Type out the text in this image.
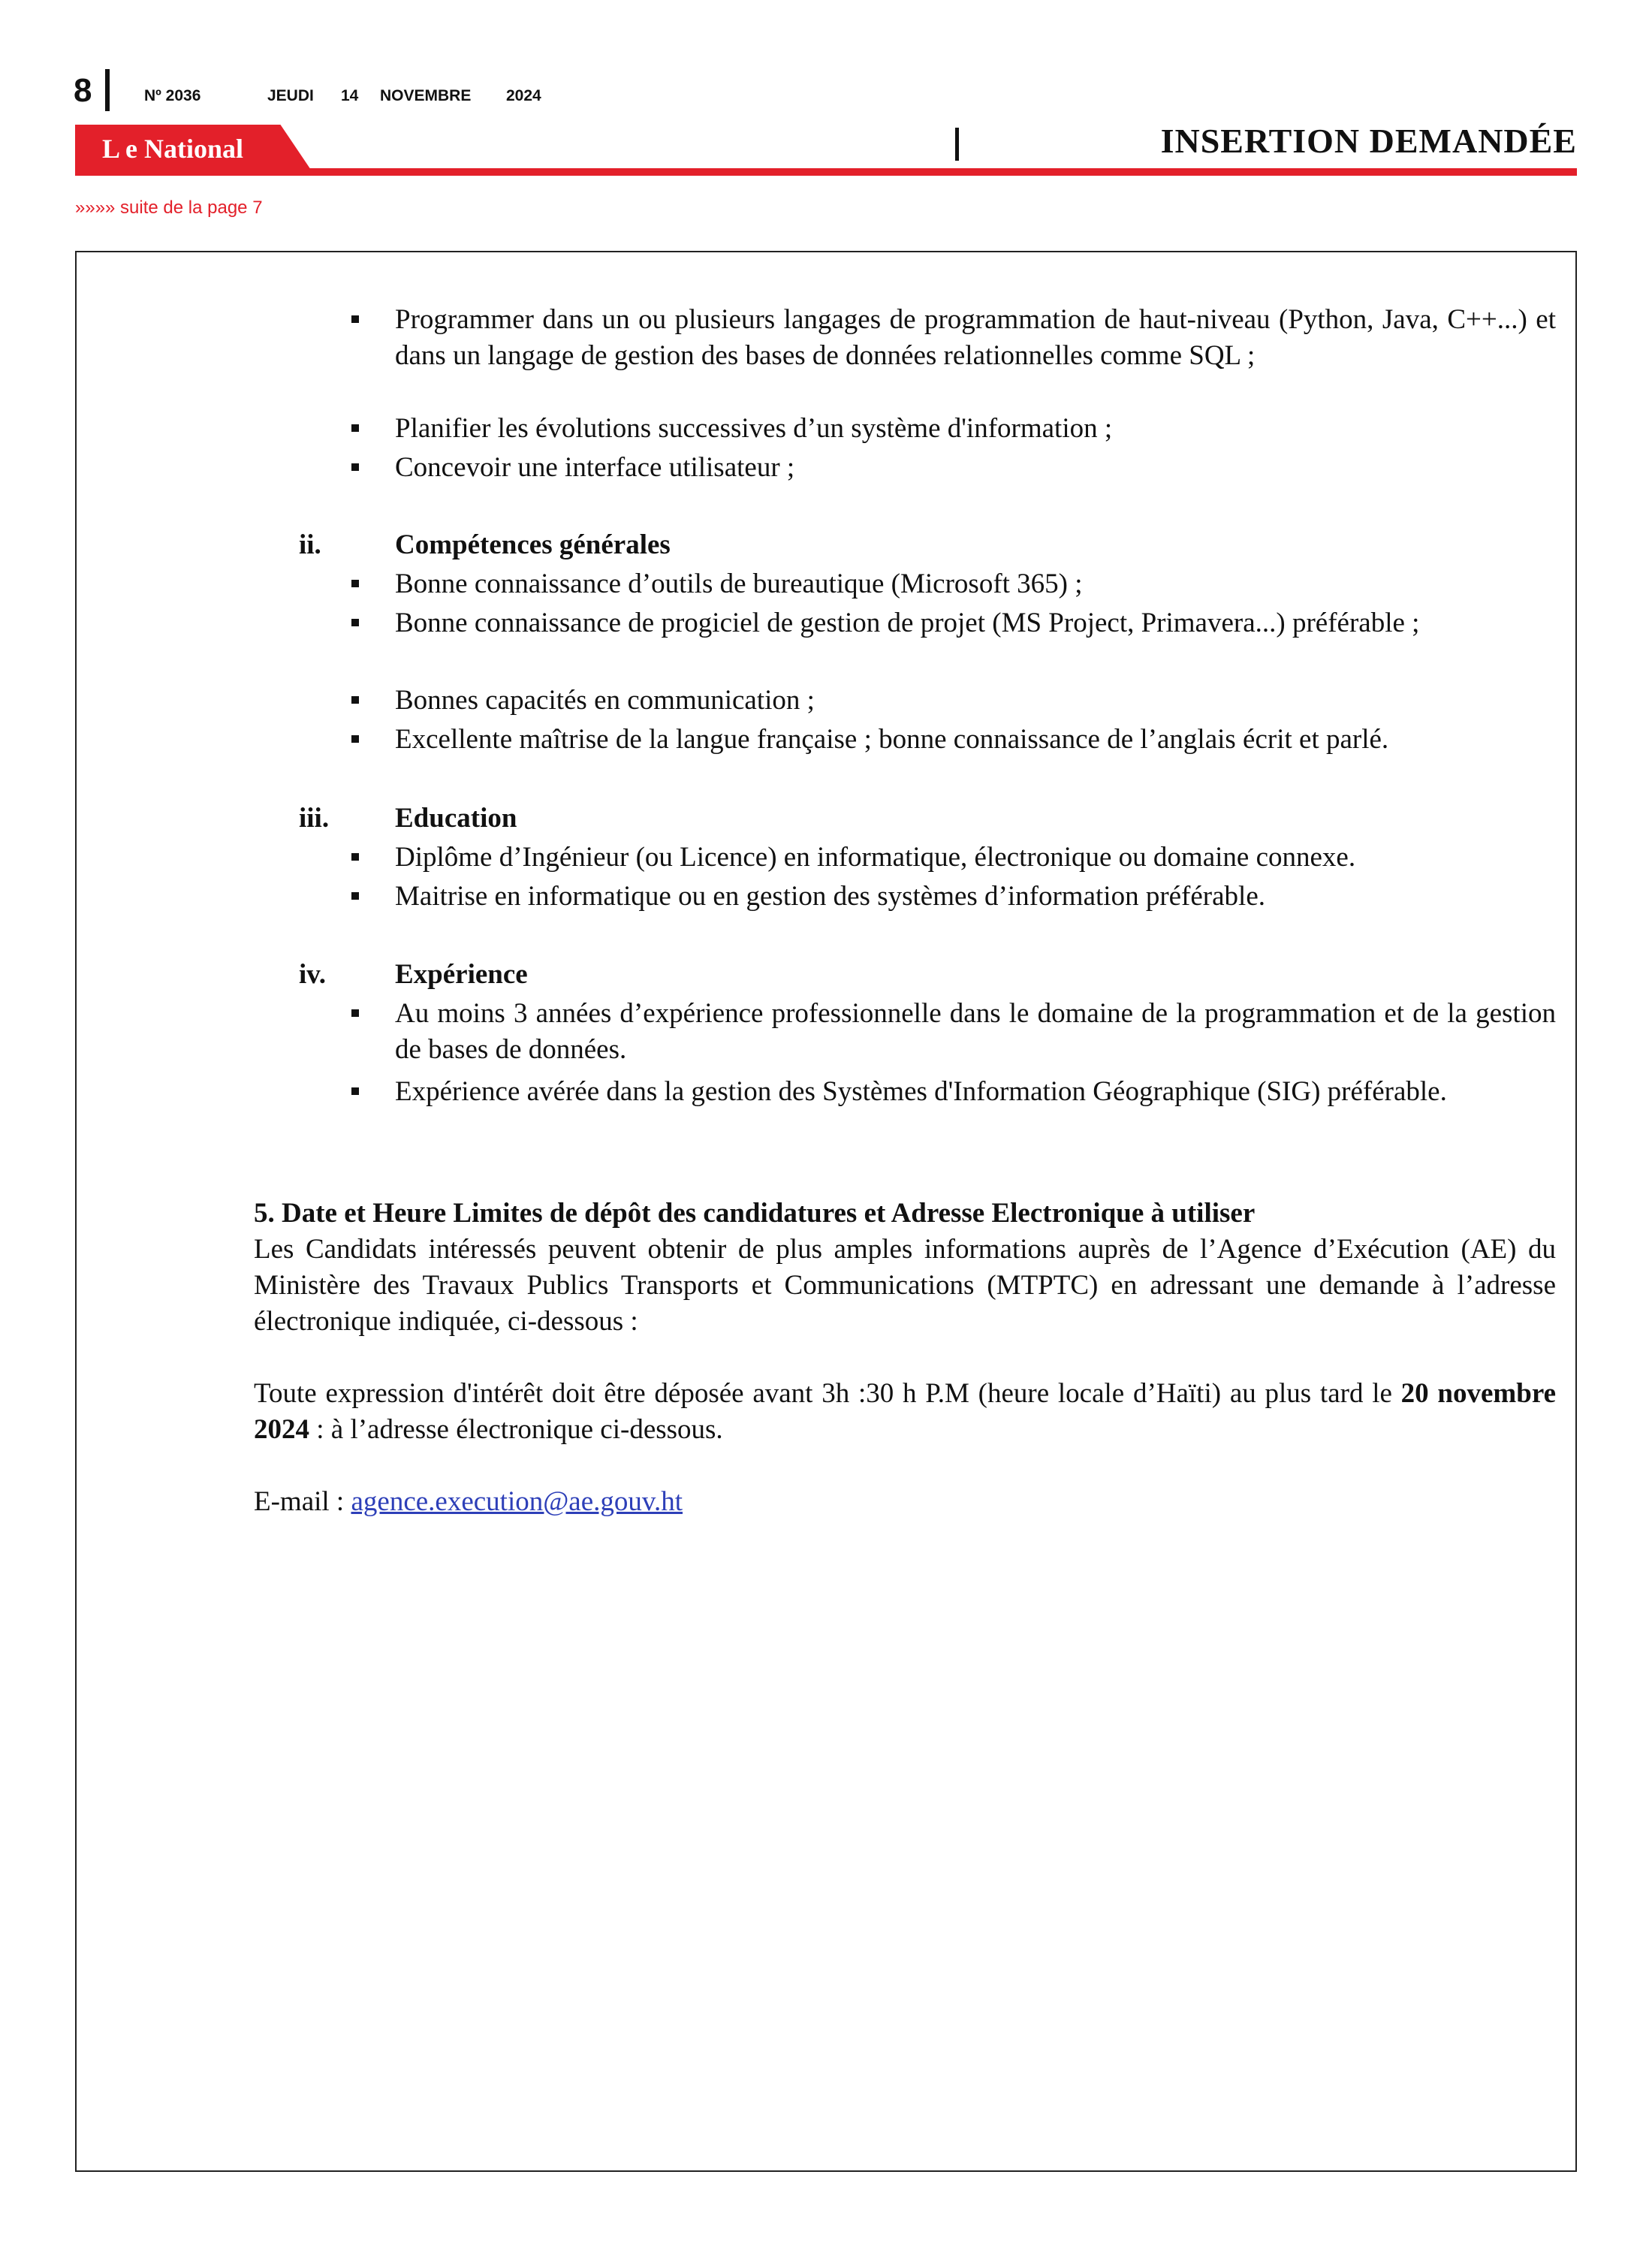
8	Nº 2036	JEUDI 14 NOVEMBRE 2024
L e National	INSERTION DEMANDÉE
»»»» suite de la page 7
Programmer dans un ou plusieurs langages de programmation de haut-niveau (Python, Java, C++...) et dans un langage de gestion des bases de données relationnelles comme SQL ;
Planifier les évolutions successives d’un système d'information ;
Concevoir une interface utilisateur ;
ii.	Compétences générales
Bonne connaissance d’outils de bureautique (Microsoft 365) ;
Bonne connaissance de progiciel de gestion de projet (MS Project, Primavera...) préférable ;
Bonnes capacités en communication ;
Excellente maîtrise de la langue française ; bonne connaissance de l’anglais écrit et parlé.
iii. Education
Diplôme d’Ingénieur (ou Licence) en informatique, électronique ou domaine connexe.
Maitrise en informatique ou en gestion des systèmes d’information préférable.
iv. Expérience
Au moins 3 années d’expérience professionnelle dans le domaine de la programmation et de la gestion de bases de données.
Expérience avérée dans la gestion des Systèmes d'Information Géographique (SIG) préférable.
5. Date et Heure Limites de dépôt des candidatures et Adresse Electronique à utiliser
Les Candidats intéressés peuvent obtenir de plus amples informations auprès de l’Agence d’Exécution (AE) du Ministère des Travaux Publics Transports et Communications (MTPTC) en adressant une demande à l’adresse électronique indiquée, ci-dessous :
Toute expression d'intérêt doit être déposée avant 3h :30 h P.M (heure locale d’Haïti) au plus tard le 20 novembre 2024 : à l’adresse électronique ci-dessous.
E-mail : agence.execution@ae.gouv.ht
